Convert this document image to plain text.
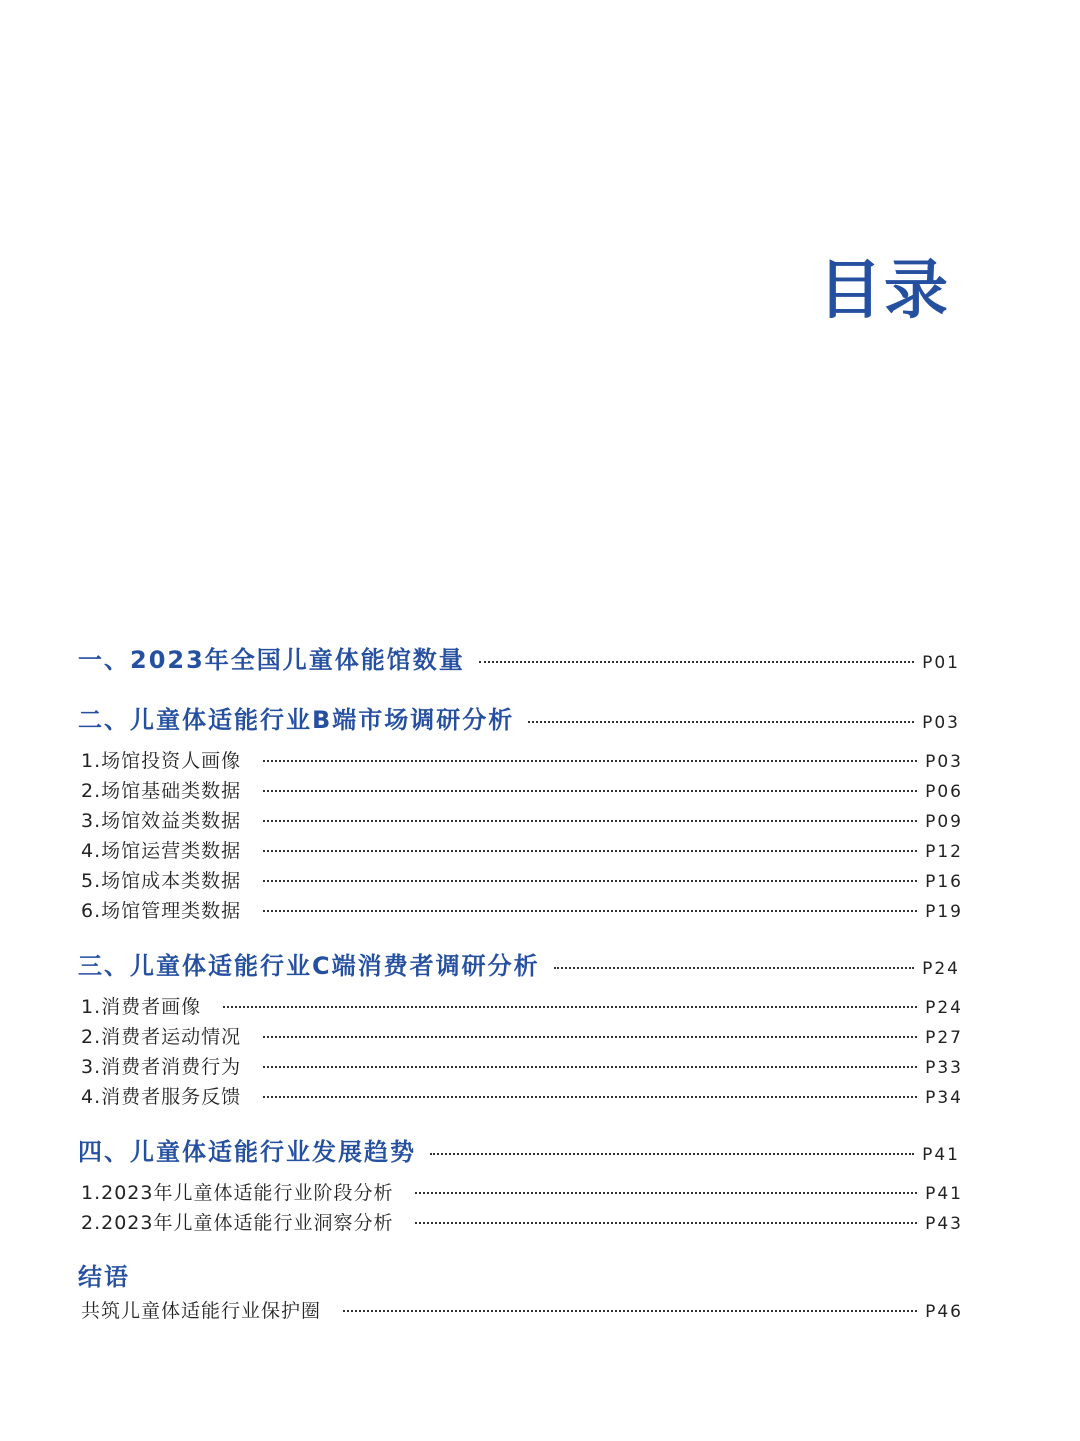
目录
一、2023年全国儿童体能馆数量	P01
二、儿童体适能行业B端市场调研分析	P03
1.场馆投资人画像	P03
2.场馆基础类数据	P06
3.场馆效益类数据	P09
4.场馆运营类数据	P12
5.场馆成本类数据	P16
6.场馆管理类数据	P19
三、儿童体适能行业C端消费者调研分析	P24
1.消费者画像	P24
2.消费者运动情况	P27
3.消费者消费行为	P33
4.消费者服务反馈	P34
四、儿童体适能行业发展趋势	P41
1.2023年儿童体适能行业阶段分析	P41
2.2023年儿童体适能行业洞察分析	P43
结语
共筑儿童体适能行业保护圈	P46
